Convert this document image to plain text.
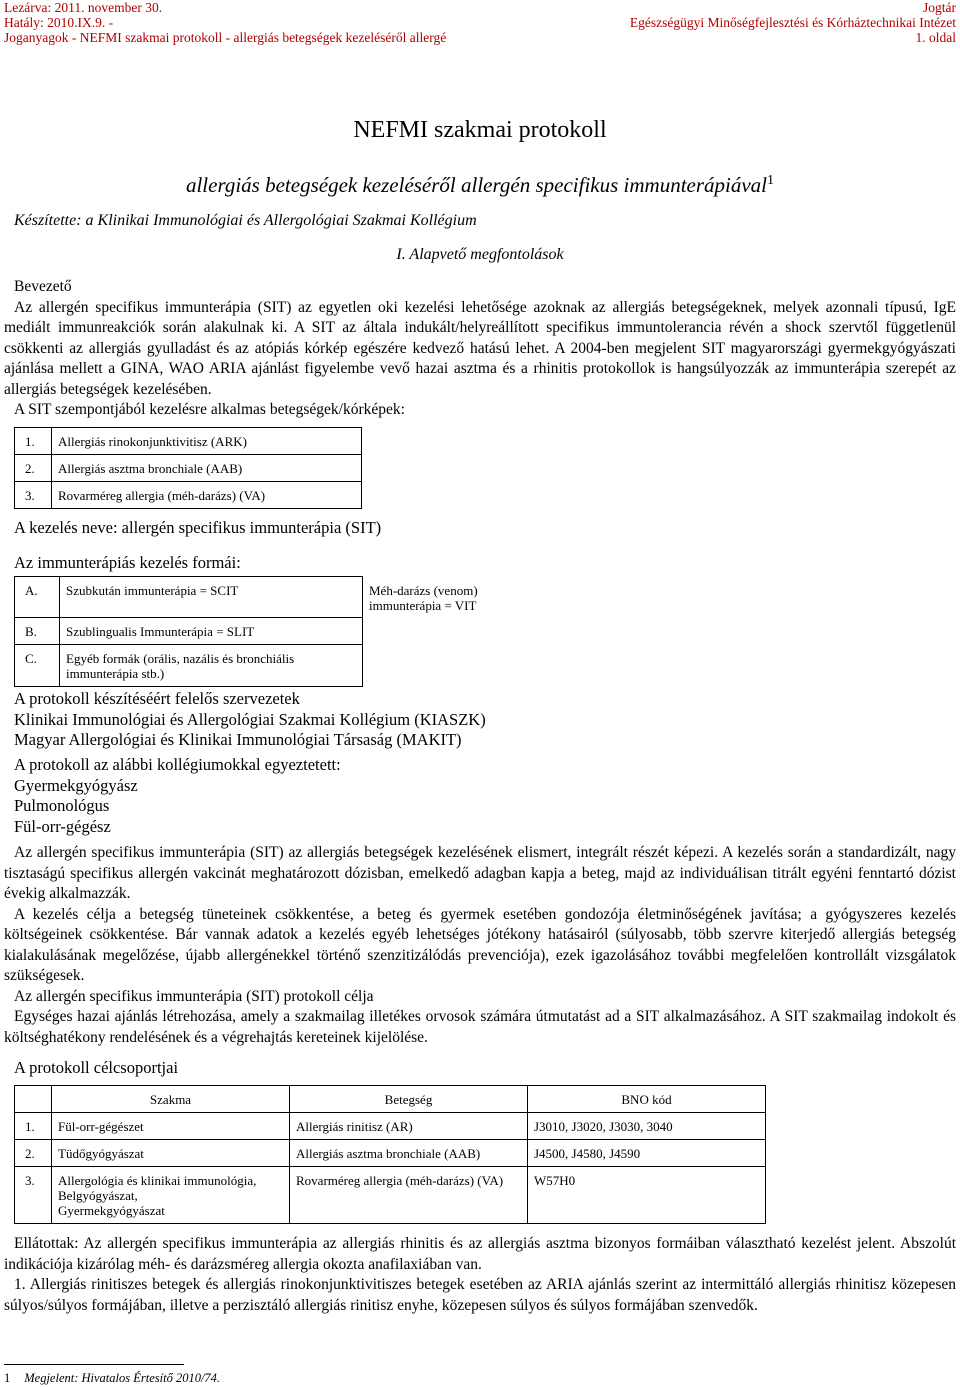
Lezárva: 2011. november 30.
Hatály: 2010.IX.9. -
Joganyagok - NEFMI szakmai protokoll - allergiás betegségek kezeléséről allergé
Jogtár
Egészségügyi Minőségfejlesztési és Kórháztechnikai Intézet
1. oldal
NEFMI szakmai protokoll
allergiás betegségek kezeléséről allergén specifikus immunterápiával$^1$
Készítette: a Klinikai Immunológiai és Allergológiai Szakmai Kollégium
I. Alapvető megfontolások
Bevezető
Az allergén specifikus immunterápia (SIT) az egyetlen oki kezelési lehetősége azoknak az allergiás betegségeknek, melyek azonnali típusú, IgE mediált immunreakciók során alakulnak ki. A SIT az általa indukált/helyreállított specifikus immuntolerancia révén a shock szervtől függetlenül csökkenti az allergiás gyulladást és az atópiás kórkép egészére kedvező hatású lehet. A 2004-ben megjelent SIT magyarországi gyermekgyógyászati ajánlása mellett a GINA, WAO ARIA ajánlást figyelembe vevő hazai asztma és a rhinitis protokollok is hangsúlyozzák az immunterápia szerepét az allergiás betegségek kezelésében.
A SIT szempontjából kezelésre alkalmas betegségek/kórképek:
1.	Allergiás rinokonjunktivitisz (ARK)
2.	Allergiás asztma bronchiale (AAB)
3.	Rovarméreg allergia (méh-darázs) (VA)
A kezelés neve: allergén specifikus immunterápia (SIT)
Az immunterápiás kezelés formái:
A.	Szubkután immunterápia = SCIT	Méh-darázs (venom)
immunterápia = VIT

B.	Szublingualis Immunterápia = SLIT	
C.	Egyéb formák (orális, nazális és bronchiális immunterápia stb.)	
A protokoll készítéséért felelős szervezetek
Klinikai Immunológiai és Allergológiai Szakmai Kollégium (KIASZK)
Magyar Allergológiai és Klinikai Immunológiai Társaság (MAKIT)
A protokoll az alábbi kollégiumokkal egyeztetett:
Gyermekgyógyász
Pulmonológus
Fül-orr-gégész
Az allergén specifikus immunterápia (SIT) az allergiás betegségek kezelésének elismert, integrált részét képezi. A kezelés során a standardizált, nagy tisztaságú specifikus allergén vakcinát meghatározott dózisban, emelkedő adagban kapja a beteg, majd az individuálisan titrált egyéni fenntartó dózist évekig alkalmazzák.
A kezelés célja a betegség tüneteinek csökkentése, a beteg és gyermek esetében gondozója életminőségének javítása; a gyógyszeres kezelés költségeinek csökkentése. Bár vannak adatok a kezelés egyéb lehetséges jótékony hatásairól (súlyosabb, több szervre kiterjedő allergiás betegség kialakulásának megelőzése, újabb allergénekkel történő szenzitizálódás prevenciója), ezek igazolásához további megfelelően kontrollált vizsgálatok szükségesek.
Az allergén specifikus immunterápia (SIT) protokoll célja
Egységes hazai ajánlás létrehozása, amely a szakmailag illetékes orvosok számára útmutatást ad a SIT alkalmazásához. A SIT szakmailag indokolt és költséghatékony rendelésének és a végrehajtás kereteinek kijelölése.
A protokoll célcsoportjai
	Szakma	Betegség	BNO kód
1.	Fül-orr-gégészet	Allergiás rinitisz (AR)	J3010, J3020, J3030, 3040
2.	Tüdőgyógyászat	Allergiás asztma bronchiale (AAB)	J4500, J4580, J4590
3.	Allergológia és klinikai immunológia,
Belgyógyászat,
Gyermekgyógyászat	Rovarméreg allergia (méh-darázs) (VA)	W57H0
Ellátottak: Az allergén specifikus immunterápia az allergiás rhinitis és az allergiás asztma bizonyos formáiban választható kezelést jelent. Abszolút indikációja kizárólag méh- és darázsméreg allergia okozta anafilaxiában van.
1. Allergiás rinitiszes betegek és allergiás rinokonjunktivitiszes betegek esetében az ARIA ajánlás szerint az intermittáló allergiás rhinitisz közepesen súlyos/súlyos formájában, illetve a perzisztáló allergiás rinitisz enyhe, közepesen súlyos és súlyos formájában szenvedők.
1 Megjelent: Hivatalos Értesítő 2010/74.
